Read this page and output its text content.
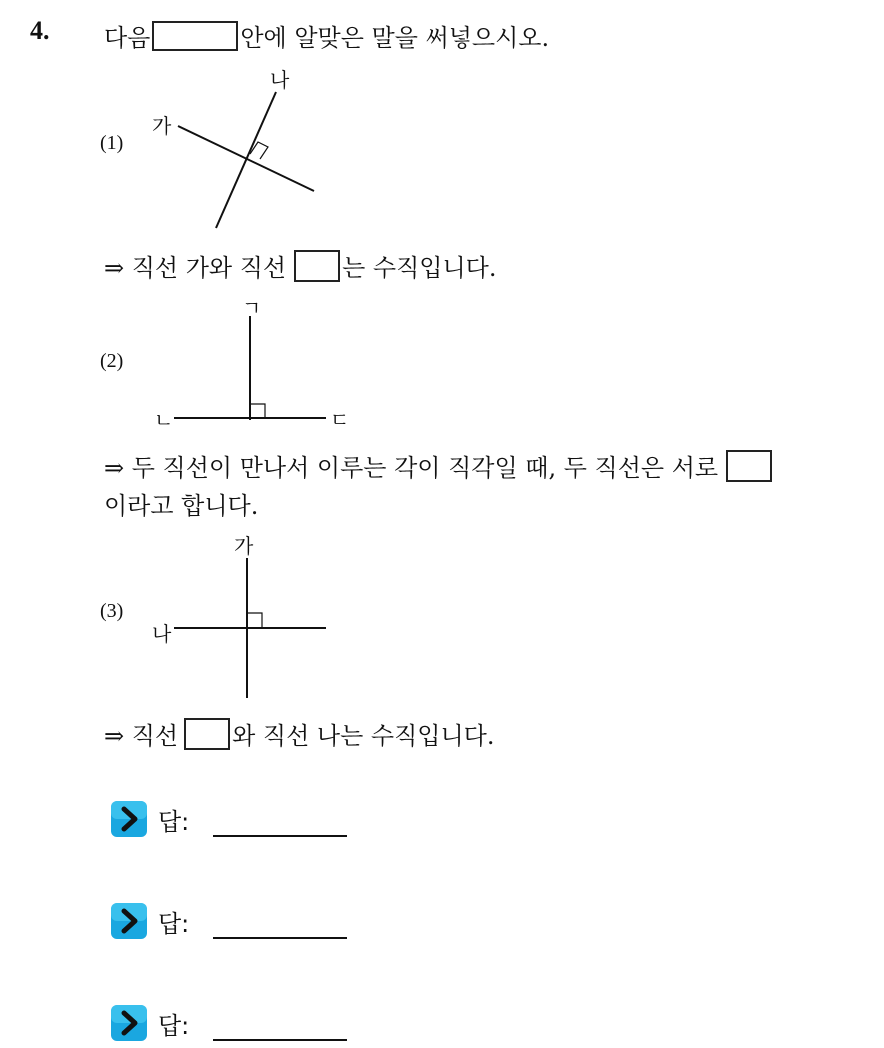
4. 다음	안에 알맞은 말을 써넣으시오.
(1)
가
나
⇒ 직선 가와 직선 는 수직입니다.
(2)
ㄱ
ㄴ	ㄷ
⇒ 두 직선이 만나서 이루는 각이 직각일 때, 두 직선은 서로
이라고 합니다.
(3)
가
나
⇒ 직선 와 직선 나는 수직입니다.
답:
답:
답:
